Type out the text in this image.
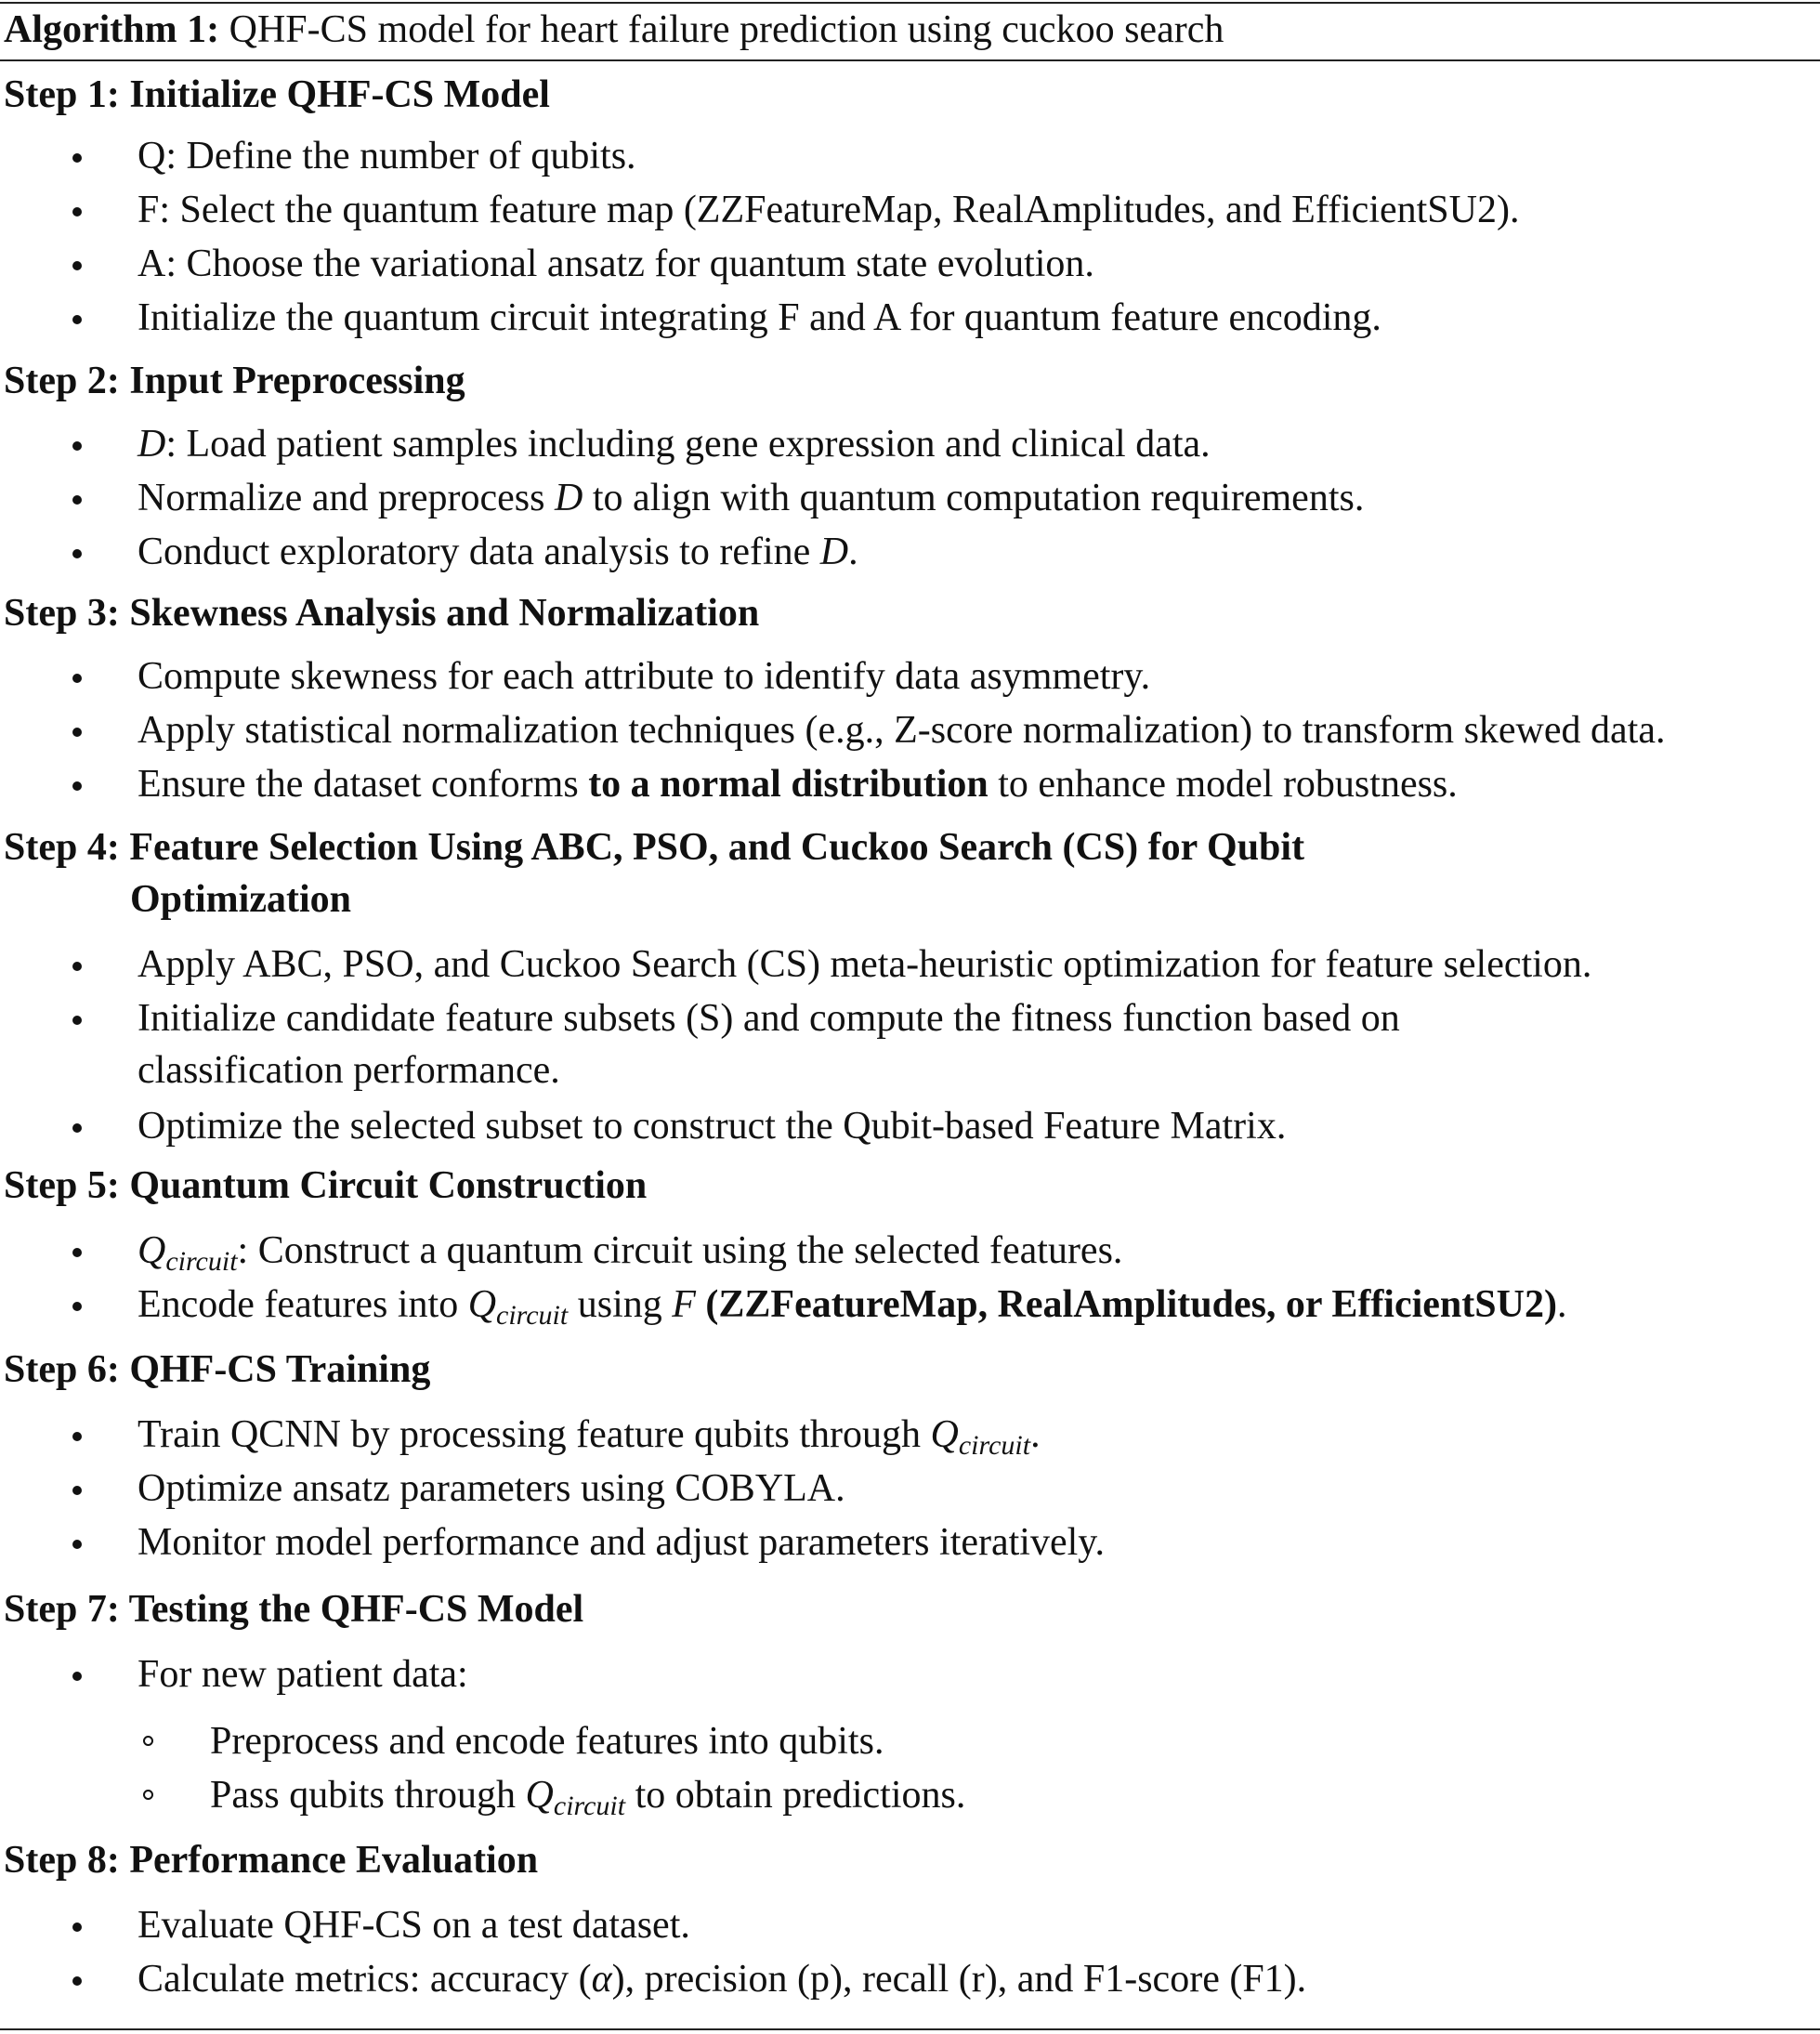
Algorithm 1: QHF-CS model for heart failure prediction using cuckoo search
Step 1: Initialize QHF-CS Model
Q: Define the number of qubits.
F: Select the quantum feature map (ZZFeatureMap, RealAmplitudes, and EfficientSU2).
A: Choose the variational ansatz for quantum state evolution.
Initialize the quantum circuit integrating F and A for quantum feature encoding.
Step 2: Input Preprocessing
D: Load patient samples including gene expression and clinical data.
Normalize and preprocess D to align with quantum computation requirements.
Conduct exploratory data analysis to refine D.
Step 3: Skewness Analysis and Normalization
Compute skewness for each attribute to identify data asymmetry.
Apply statistical normalization techniques (e.g., Z-score normalization) to transform skewed data.
Ensure the dataset conforms to a normal distribution to enhance model robustness.
Step 4: Feature Selection Using ABC, PSO, and Cuckoo Search (CS) for Qubit
Optimization
Apply ABC, PSO, and Cuckoo Search (CS) meta-heuristic optimization for feature selection.
Initialize candidate feature subsets (S) and compute the fitness function based on
classification performance.
Optimize the selected subset to construct the Qubit-based Feature Matrix.
Step 5: Quantum Circuit Construction
Qcircuit: Construct a quantum circuit using the selected features.
Encode features into Qcircuit using F (ZZFeatureMap, RealAmplitudes, or EfficientSU2).
Step 6: QHF-CS Training
Train QCNN by processing feature qubits through Qcircuit.
Optimize ansatz parameters using COBYLA.
Monitor model performance and adjust parameters iteratively.
Step 7: Testing the QHF-CS Model
For new patient data:
Preprocess and encode features into qubits.
Pass qubits through Qcircuit to obtain predictions.
Step 8: Performance Evaluation
Evaluate QHF-CS on a test dataset.
Calculate metrics: accuracy (α), precision (p), recall (r), and F1-score (F1).
